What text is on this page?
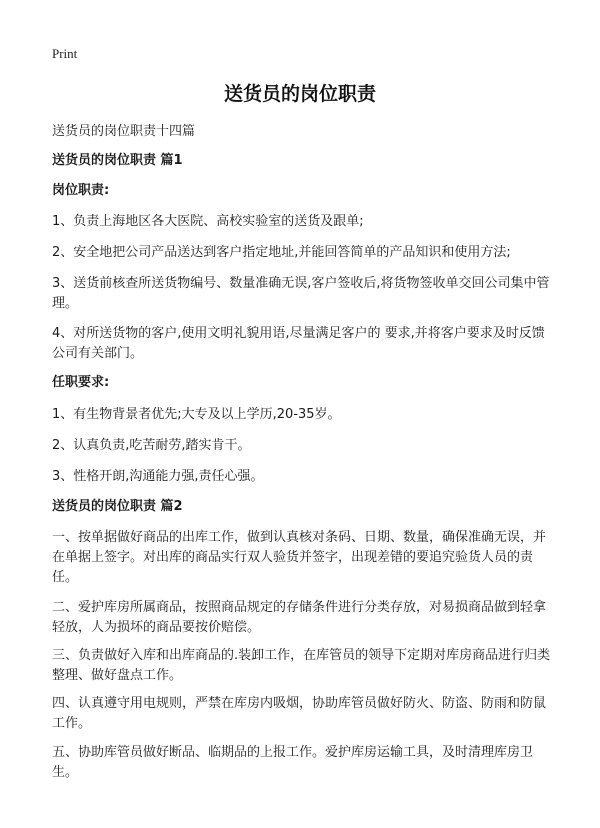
Print
送货员的岗位职责

送货员的岗位职责十四篇

送货员的岗位职责 篇1

岗位职责:

1、负责上海地区各大医院、高校实验室的送货及跟单;

2、安全地把公司产品送达到客户指定地址,并能回答简单的产品知识和使用方法;

3、送货前核查所送货物编号、数量准确无误,客户签收后,将货物签收单交回公司集中管理。

4、对所送货物的客户,使用文明礼貌用语,尽量满足客户的 要求,并将客户要求及时反馈公司有关部门。

任职要求:

1、有生物背景者优先;大专及以上学历,20-35岁。

2、认真负责,吃苦耐劳,踏实肯干。

3、性格开朗,沟通能力强,责任心强。

送货员的岗位职责 篇2

一、按单据做好商品的出库工作，做到认真核对条码、日期、数量，确保准确无误，并在单据上签字。对出库的商品实行双人验货并签字，出现差错的要追究验货人员的责任。

二、爱护库房所属商品，按照商品规定的存储条件进行分类存放，对易损商品做到轻拿轻放，人为损坏的商品要按价赔偿。

三、负责做好入库和出库商品的.装卸工作，在库管员的领导下定期对库房商品进行归类整理、做好盘点工作。

四、认真遵守用电规则，严禁在库房内吸烟，协助库管员做好防火、防盗、防雨和防鼠工作。

五、协助库管员做好断品、临期品的上报工作。爱护库房运输工具，及时清理库房卫生。
